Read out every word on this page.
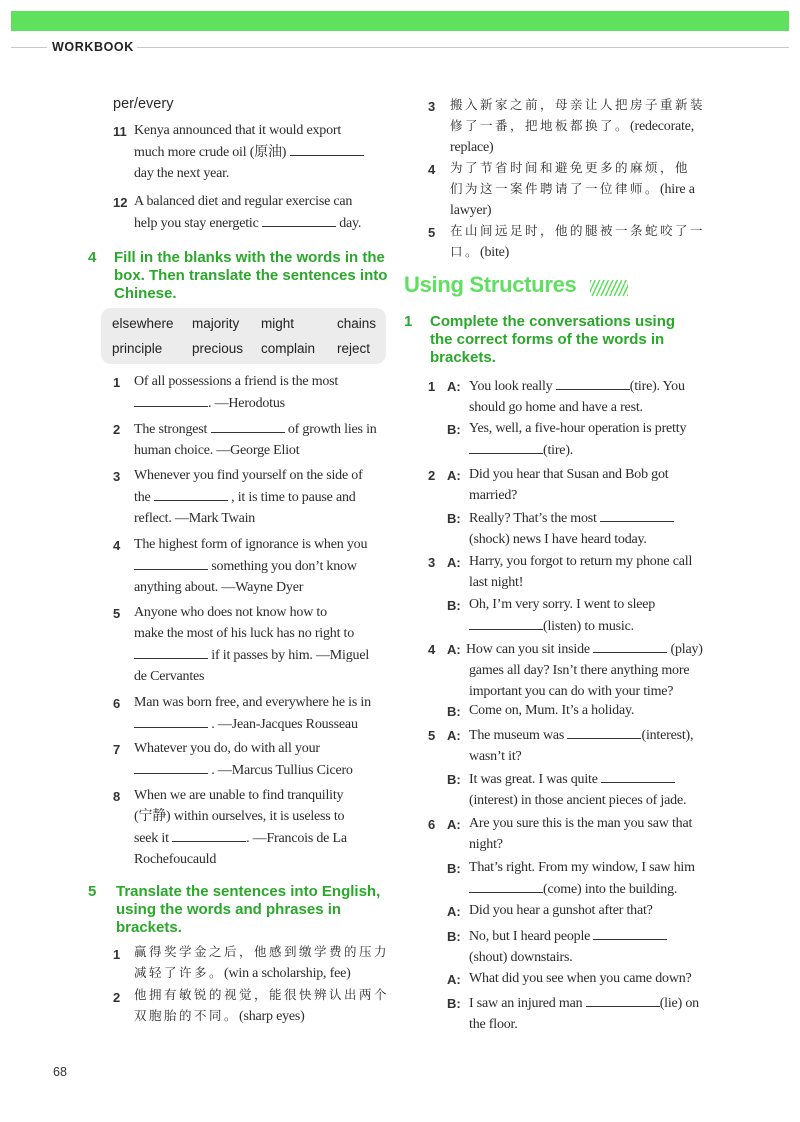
WORKBOOK
per/every
11 Kenya announced that it would export
much more crude oil (原油)
day the next year.
12 A balanced diet and regular exercise can
help you stay energetic	day.
4 Fill in the blanks with the words in the
box. Then translate the sentences into
Chinese.
elsewhere majority might	chains
principle precious complain reject
1 Of all possessions a friend is the most
. —Herodotus
2 The strongest	of growth lies in
human choice. —George Eliot
3 Whenever you find yourself on the side of
the	, it is time to pause and
reflect. —Mark Twain
4 The highest form of ignorance is when you
something you don’t know
anything about. —Wayne Dyer
5 Anyone who does not know how to
make the most of his luck has no right to
if it passes by him. —Miguel
de Cervantes
6 Man was born free, and everywhere he is in
. —Jean-Jacques Rousseau
7 Whatever you do, do with all your
. —Marcus Tullius Cicero
8 When we are unable to find tranquility
(宁静) within ourselves, it is useless to
seek it	. —Francois de La
Rochefoucauld
5 Translate the sentences into English,
using the words and phrases in
brackets.
1 赢得奖学金之后，他感到缴学费的压力
减轻了许多。(win a scholarship, fee)
2 他拥有敏锐的视觉，能很快辨认出两个
双胞胎的不同。(sharp eyes)
3 搬入新家之前，母亲让人把房子重新装
修了一番，把地板都换了。(redecorate,
replace)
4 为了节省时间和避免更多的麻烦，他
们为这一案件聘请了一位律师。(hire a
lawyer)
5 在山间远足时，他的腿被一条蛇咬了一
口。(bite)
Using Structures
1 Complete the conversations using
the correct forms of the words in
brackets.
1 A: You look really	(tire). You
should go home and have a rest.
B: Yes, well, a five-hour operation is pretty
(tire).
2 A: Did you hear that Susan and Bob got
married?
B: Really? That’s the most
(shock) news I have heard today.
3 A: Harry, you forgot to return my phone call
last night!
B: Oh, I’m very sorry. I went to sleep
(listen) to music.
4 A: How can you sit inside	(play)
games all day? Isn’t there anything more
important you can do with your time?
B: Come on, Mum. It’s a holiday.
5 A: The museum was	(interest),
wasn’t it?
B: It was great. I was quite
(interest) in those ancient pieces of jade.
6 A: Are you sure this is the man you saw that
night?
B: That’s right. From my window, I saw him
(come) into the building.
A: Did you hear a gunshot after that?
B: No, but I heard people
(shout) downstairs.
A: What did you see when you came down?
B: I saw an injured man	(lie) on
the floor.
68
